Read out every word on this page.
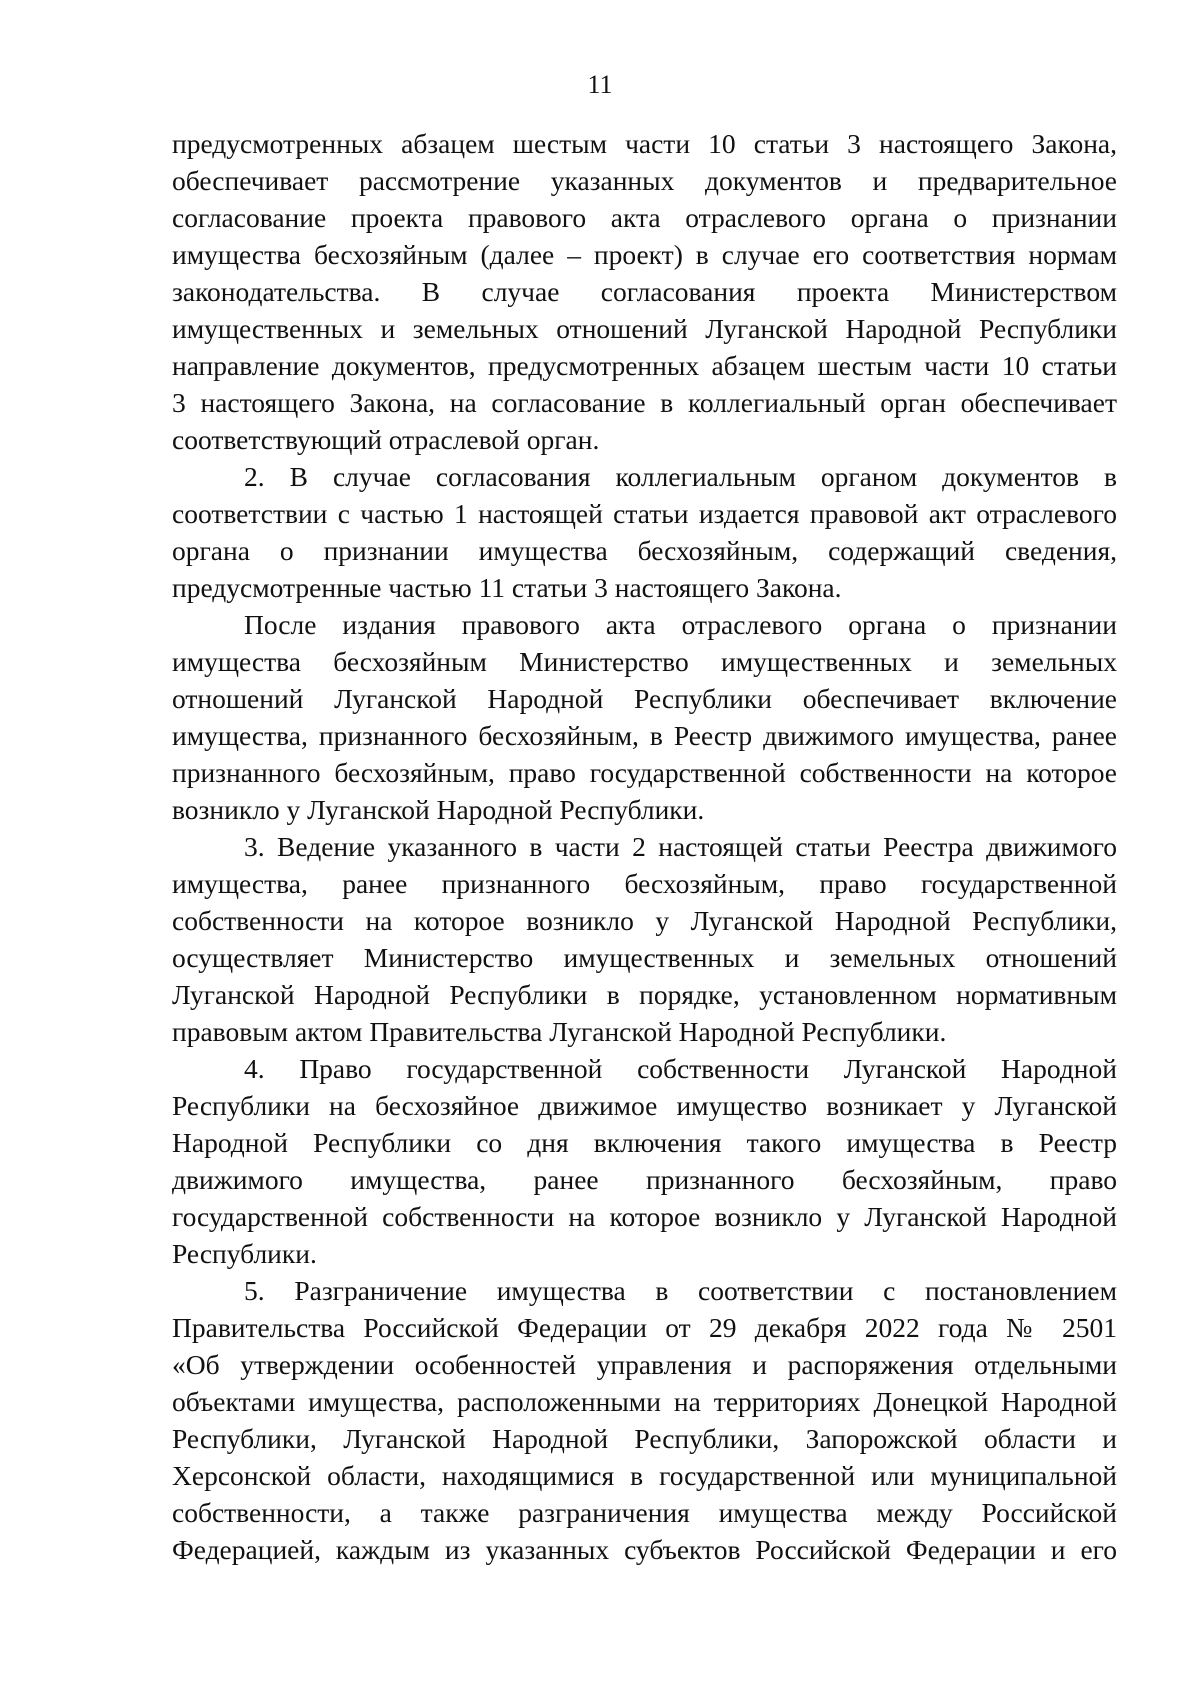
11
предусмотренных абзацем шестым части 10 статьи 3 настоящего Закона,
обеспечивает рассмотрение указанных документов и предварительное
согласование проекта правового акта отраслевого органа о признании
имущества бесхозяйным (далее – проект) в случае его соответствия нормам
законодательства. В случае согласования проекта Министерством
имущественных и земельных отношений Луганской Народной Республики
направление документов, предусмотренных абзацем шестым части 10 статьи
3 настоящего Закона, на согласование в коллегиальный орган обеспечивает
соответствующий отраслевой орган.
2. В случае согласования коллегиальным органом документов в
соответствии с частью 1 настоящей статьи издается правовой акт отраслевого
органа о признании имущества бесхозяйным, содержащий сведения,
предусмотренные частью 11 статьи 3 настоящего Закона.
После издания правового акта отраслевого органа о признании
имущества бесхозяйным Министерство имущественных и земельных
отношений Луганской Народной Республики обеспечивает включение
имущества, признанного бесхозяйным, в Реестр движимого имущества, ранее
признанного бесхозяйным, право государственной собственности на которое
возникло у Луганской Народной Республики.
3. Ведение указанного в части 2 настоящей статьи Реестра движимого
имущества, ранее признанного бесхозяйным, право государственной
собственности на которое возникло у Луганской Народной Республики,
осуществляет Министерство имущественных и земельных отношений
Луганской Народной Республики в порядке, установленном нормативным
правовым актом Правительства Луганской Народной Республики.
4. Право государственной собственности Луганской Народной
Республики на бесхозяйное движимое имущество возникает у Луганской
Народной Республики со дня включения такого имущества в Реестр
движимого имущества, ранее признанного бесхозяйным, право
государственной собственности на которое возникло у Луганской Народной
Республики.
5. Разграничение имущества в соответствии с постановлением
Правительства Российской Федерации от 29 декабря 2022 года № 2501
«Об утверждении особенностей управления и распоряжения отдельными
объектами имущества, расположенными на территориях Донецкой Народной
Республики, Луганской Народной Республики, Запорожской области и
Херсонской области, находящимися в государственной или муниципальной
собственности, а также разграничения имущества между Российской
Федерацией, каждым из указанных субъектов Российской Федерации и его
